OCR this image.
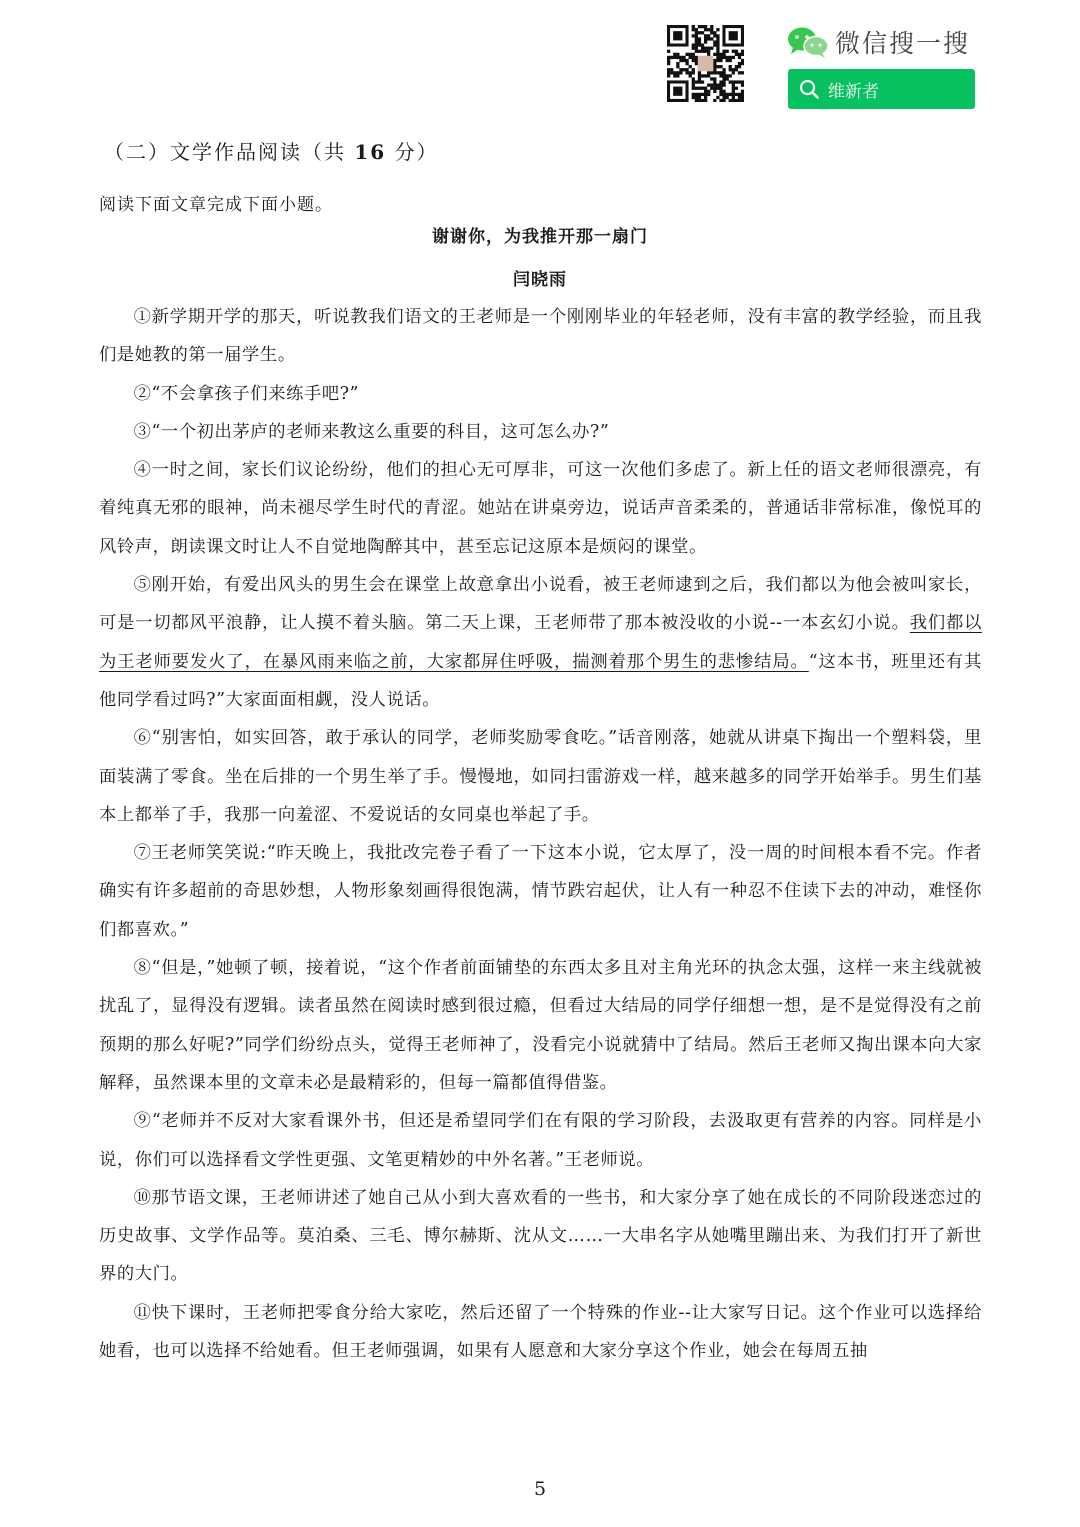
微信搜一搜
维新者
（二）文学作品阅读（共 16 分）
阅读下面文章完成下面小题。
谢谢你，为我推开那一扇门
闫晓雨

①新学期开学的那天，听说教我们语文的王老师是一个刚刚毕业的年轻老师，没有丰富的教学经验，而且我们是她教的第一届学生。

②“不会拿孩子们来练手吧?”

③“一个初出茅庐的老师来教这么重要的科目，这可怎么办?”

④一时之间，家长们议论纷纷，他们的担心无可厚非，可这一次他们多虑了。新上任的语文老师很漂亮，有着纯真无邪的眼神，尚未褪尽学生时代的青涩。她站在讲桌旁边，说话声音柔柔的，普通话非常标准，像悦耳的风铃声，朗读课文时让人不自觉地陶醉其中，甚至忘记这原本是烦闷的课堂。

⑤刚开始，有爱出风头的男生会在课堂上故意拿出小说看，被王老师逮到之后，我们都以为他会被叫家长，可是一切都风平浪静，让人摸不着头脑。第二天上课，王老师带了那本被没收的小说--一本玄幻小说。我们都以为王老师要发火了，在暴风雨来临之前，大家都屏住呼吸，揣测着那个男生的悲惨结局。“这本书，班里还有其他同学看过吗?”大家面面相觑，没人说话。

⑥“别害怕，如实回答，敢于承认的同学，老师奖励零食吃。”话音刚落，她就从讲桌下掏出一个塑料袋，里面装满了零食。坐在后排的一个男生举了手。慢慢地，如同扫雷游戏一样，越来越多的同学开始举手。男生们基本上都举了手，我那一向羞涩、不爱说话的女同桌也举起了手。

⑦王老师笑笑说:“昨天晚上，我批改完卷子看了一下这本小说，它太厚了，没一周的时间根本看不完。作者确实有许多超前的奇思妙想，人物形象刻画得很饱满，情节跌宕起伏，让人有一种忍不住读下去的冲动，难怪你们都喜欢。”

⑧“但是，”她顿了顿，接着说，“这个作者前面铺垫的东西太多且对主角光环的执念太强，这样一来主线就被扰乱了，显得没有逻辑。读者虽然在阅读时感到很过瘾，但看过大结局的同学仔细想一想，是不是觉得没有之前预期的那么好呢?”同学们纷纷点头，觉得王老师神了，没看完小说就猜中了结局。然后王老师又掏出课本向大家解释，虽然课本里的文章未必是最精彩的，但每一篇都值得借鉴。

⑨“老师并不反对大家看课外书，但还是希望同学们在有限的学习阶段，去汲取更有营养的内容。同样是小说，你们可以选择看文学性更强、文笔更精妙的中外名著。”王老师说。

⑩那节语文课，王老师讲述了她自己从小到大喜欢看的一些书，和大家分享了她在成长的不同阶段迷恋过的历史故事、文学作品等。莫泊桑、三毛、博尔赫斯、沈从文……一大串名字从她嘴里蹦出来、为我们打开了新世界的大门。

⑪快下课时，王老师把零食分给大家吃，然后还留了一个特殊的作业--让大家写日记。这个作业可以选择给她看，也可以选择不给她看。但王老师强调，如果有人愿意和大家分享这个作业，她会在每周五抽

5
